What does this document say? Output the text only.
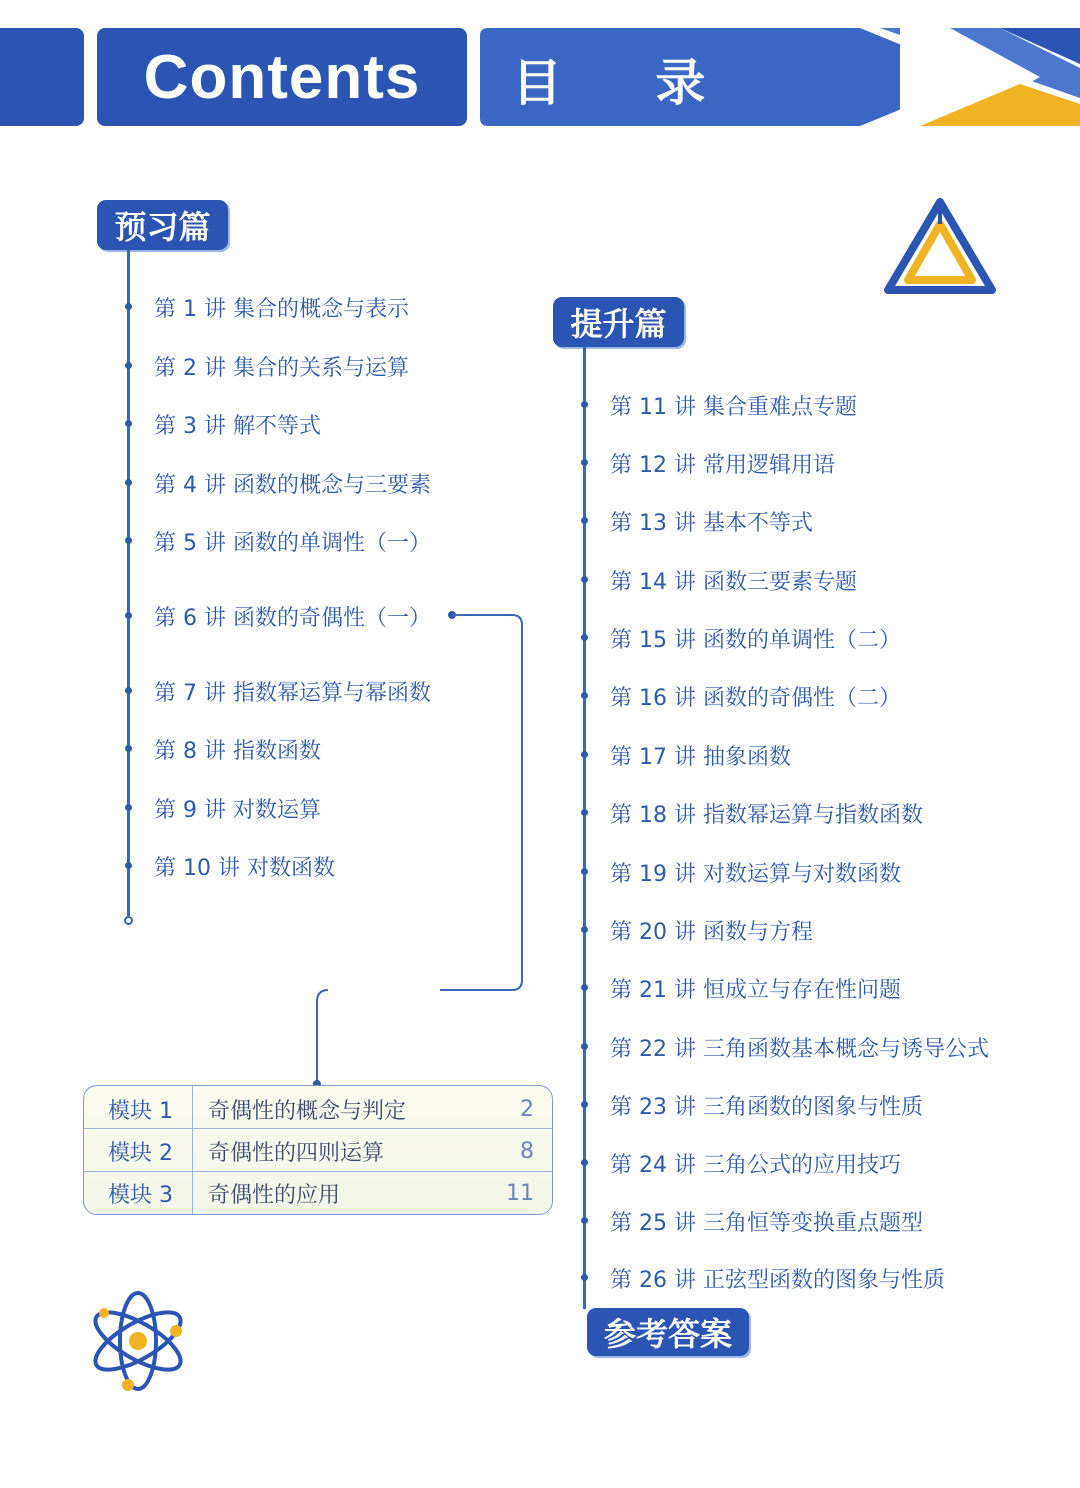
Contents	目 录
预习篇
第 1 讲 集合的概念与表示
第 2 讲 集合的关系与运算
第 3 讲 解不等式
第 4 讲 函数的概念与三要素
第 5 讲 函数的单调性（一）
第 6 讲 函数的奇偶性（一）
第 7 讲 指数幂运算与幂函数
第 8 讲 指数函数
第 9 讲 对数运算
第 10 讲 对数函数
模块 1 奇偶性的概念与判定	2
模块 2 奇偶性的四则运算	8
模块 3 奇偶性的应用	11
提升篇
第 11 讲 集合重难点专题
第 12 讲 常用逻辑用语
第 13 讲 基本不等式
第 14 讲 函数三要素专题
第 15 讲 函数的单调性（二）
第 16 讲 函数的奇偶性（二）
第 17 讲 抽象函数
第 18 讲 指数幂运算与指数函数
第 19 讲 对数运算与对数函数
第 20 讲 函数与方程
第 21 讲 恒成立与存在性问题
第 22 讲 三角函数基本概念与诱导公式
第 23 讲 三角函数的图象与性质
第 24 讲 三角公式的应用技巧
第 25 讲 三角恒等变换重点题型
第 26 讲 正弦型函数的图象与性质
参考答案
